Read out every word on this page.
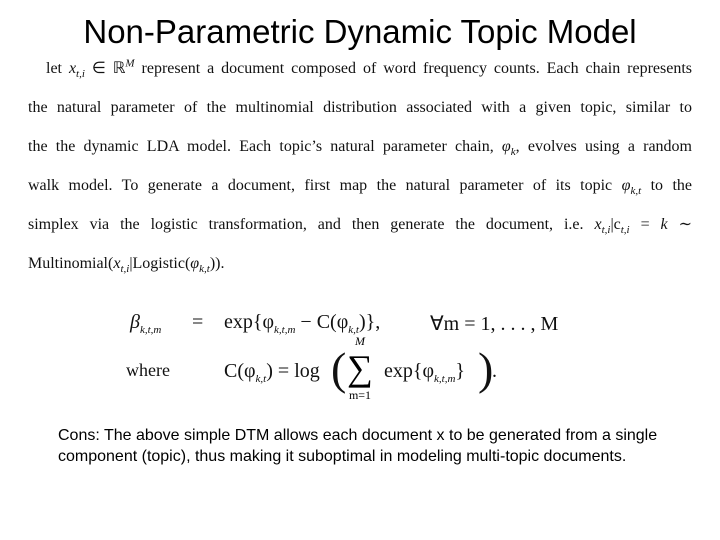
Non-Parametric Dynamic Topic Model
let $x_{t,i}$ ∈ ℝ$^M$ represent a document composed of word frequency counts. Each chain represents
the natural parameter of the multinomial distribution associated with a given topic, similar to
the the dynamic LDA model. Each topic’s natural parameter chain, $\varphi_k$, evolves using a random
walk model. To generate a document, first map the natural parameter of its topic $\varphi_{k,t}$ to the
simplex via the logistic transformation, and then generate the document, i.e. $x_{t,i}|c_{t,i} = k$ ∼
$Multinomial(x_{t,i}|Logistic(\varphi_{k,t}))$.
$\beta_{k,t,m} = \exp\{\varphi_{k,t,m} - C(\varphi_{k,t})\}$, ∀m = 1, . . . , M
where	$C(\varphi_{k,t}) = \log$ (
M
∑
m=1
$\exp\{\varphi_{k,t,m}\}$ )
.
Cons: The above simple DTM allows each document x to be generated from a single component (topic), thus making it suboptimal in modeling multi-topic documents.
